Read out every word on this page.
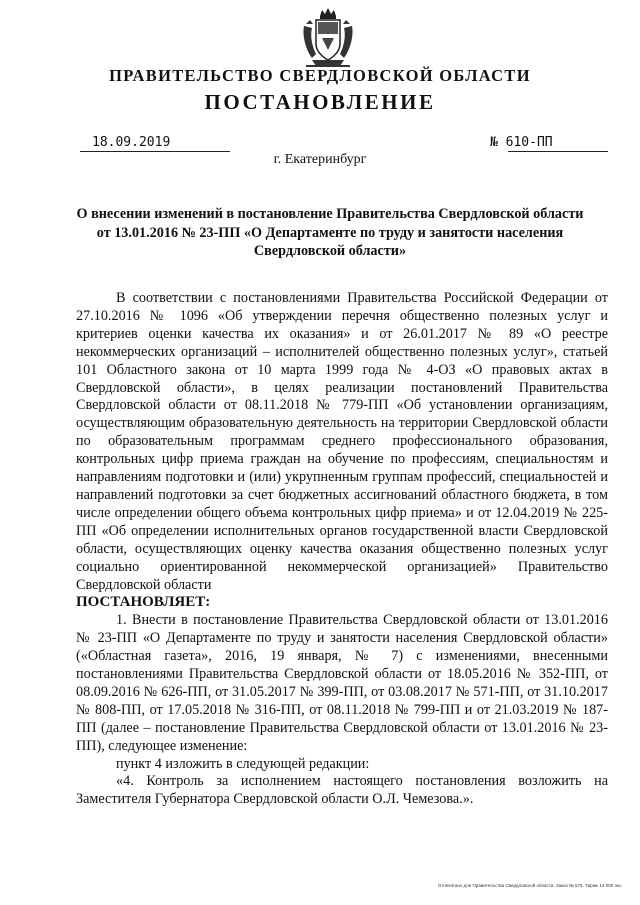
ПРАВИТЕЛЬСТВО СВЕРДЛОВСКОЙ ОБЛАСТИ
ПОСТАНОВЛЕНИЕ
18.09.2019	№ 610-ПП
г. Екатеринбург
О внесении изменений в постановление Правительства Свердловской области от 13.01.2016 № 23-ПП «О Департаменте по труду и занятости населения Свердловской области»

В соответствии с постановлениями Правительства Российской Федерации от 27.10.2016 № 1096 «Об утверждении перечня общественно полезных услуг и критериев оценки качества их оказания» и от 26.01.2017 № 89 «О реестре некоммерческих организаций – исполнителей общественно полезных услуг», статьей 101 Областного закона от 10 марта 1999 года № 4-ОЗ «О правовых актах в Свердловской области», в целях реализации постановлений Правительства Свердловской области от 08.11.2018 № 779-ПП «Об установлении организациям, осуществляющим образовательную деятельность на территории Свердловской области по образовательным программам среднего профессионального образования, контрольных цифр приема граждан на обучение по профессиям, специальностям и направлениям подготовки и (или) укрупненным группам профессий, специальностей и направлений подготовки за счет бюджетных ассигнований областного бюджета, в том числе определении общего объема контрольных цифр приема» и от 12.04.2019 № 225-ПП «Об определении исполнительных органов государственной власти Свердловской области, осуществляющих оценку качества оказания общественно полезных услуг социально ориентированной некоммерческой организацией» Правительство Свердловской области

ПОСТАНОВЛЯЕТ:

1. Внести в постановление Правительства Свердловской области от 13.01.2016 № 23-ПП «О Департаменте по труду и занятости населения Свердловской области» («Областная газета», 2016, 19 января, № 7) с изменениями, внесенными постановлениями Правительства Свердловской области от 18.05.2016 № 352-ПП, от 08.09.2016 № 626-ПП, от 31.05.2017 № 399-ПП, от 03.08.2017 № 571-ПП, от 31.10.2017 № 808-ПП, от 17.05.2018 № 316-ПП, от 08.11.2018 № 799-ПП и от 21.03.2019 № 187-ПП (далее – постановление Правительства Свердловской области от 13.01.2016 № 23-ПП), следующее изменение:

пункт 4 изложить в следующей редакции:

«4. Контроль за исполнением настоящего постановления возложить на Заместителя Губернатора Свердловской области О.Л. Чемезова.».

Отпечатано для Правительства Свердловской области. Заказ № 575. Тираж 14 000 экз.
